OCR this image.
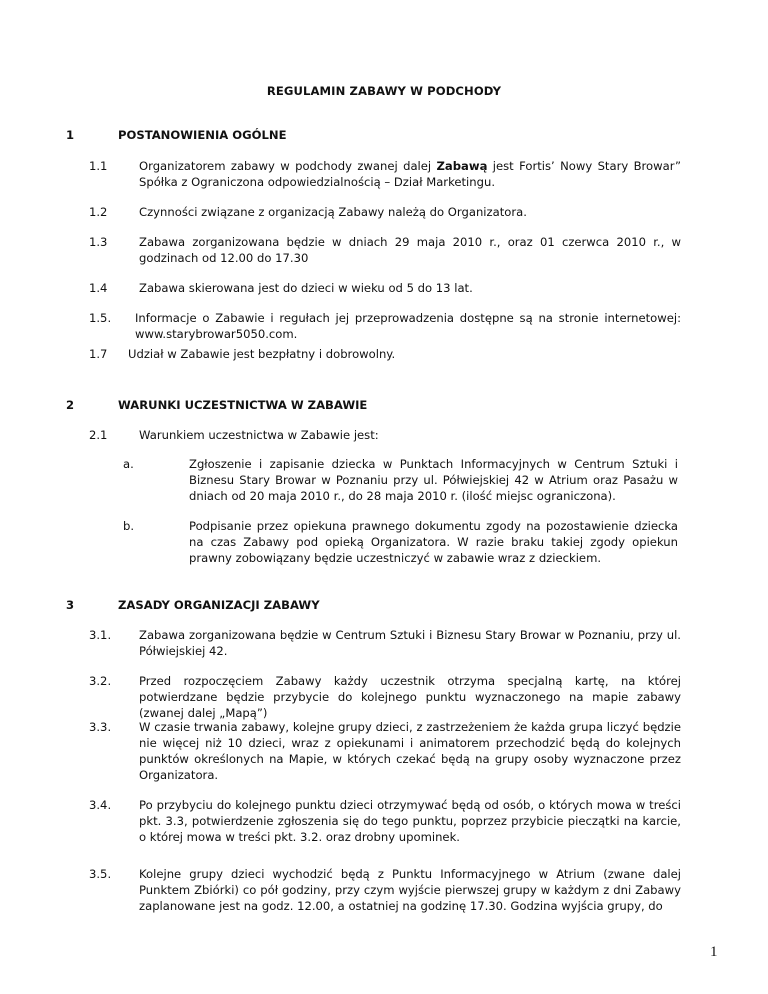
REGULAMIN ZABAWY W PODCHODY
1	POSTANOWIENIA OGÓLNE
1.1	Organizatorem zabawy w podchody zwanej dalej Zabawą jest Fortis’ Nowy Stary Browar” Spółka z Ograniczona odpowiedzialnością – Dział Marketingu.
1.2	Czynności związane z organizacją Zabawy należą do Organizatora.
1.3	Zabawa zorganizowana będzie w dniach 29 maja 2010 r., oraz 01 czerwca 2010 r., w godzinach od 12.00 do 17.30
1.4	Zabawa skierowana jest do dzieci w wieku od 5 do 13 lat.
1.5. Informacje o Zabawie i regułach jej przeprowadzenia dostępne są na stronie internetowej: www.starybrowar5050.com.
1.7 Udział w Zabawie jest bezpłatny i dobrowolny.
2	WARUNKI UCZESTNICTWA W ZABAWIE
2.1	Warunkiem uczestnictwa w Zabawie jest:
a.	Zgłoszenie i zapisanie dziecka w Punktach Informacyjnych w Centrum Sztuki i Biznesu Stary Browar w Poznaniu przy ul. Półwiejskiej 42 w Atrium oraz Pasażu w dniach od 20 maja 2010 r., do 28 maja 2010 r. (ilość miejsc ograniczona).
b.	Podpisanie przez opiekuna prawnego dokumentu zgody na pozostawienie dziecka na czas Zabawy pod opieką Organizatora. W razie braku takiej zgody opiekun prawny zobowiązany będzie uczestniczyć w zabawie wraz z dzieckiem.
3	ZASADY ORGANIZACJI ZABAWY
3.1. Zabawa zorganizowana będzie w Centrum Sztuki i Biznesu Stary Browar w Poznaniu, przy ul. Półwiejskiej 42.
3.2. Przed rozpoczęciem Zabawy każdy uczestnik otrzyma specjalną kartę, na której potwierdzane będzie przybycie do kolejnego punktu wyznaczonego na mapie zabawy (zwanej dalej „Mapą”)
3.3. W czasie trwania zabawy, kolejne grupy dzieci, z zastrzeżeniem że każda grupa liczyć będzie nie więcej niż 10 dzieci, wraz z opiekunami i animatorem przechodzić będą do kolejnych punktów określonych na Mapie, w których czekać będą na grupy osoby wyznaczone przez Organizatora.
3.4. Po przybyciu do kolejnego punktu dzieci otrzymywać będą od osób, o których mowa w treści pkt. 3.3, potwierdzenie zgłoszenia się do tego punktu, poprzez przybicie pieczątki na karcie, o której mowa w treści pkt. 3.2. oraz drobny upominek.
3.5. Kolejne grupy dzieci wychodzić będą z Punktu Informacyjnego w Atrium (zwane dalej Punktem Zbiórki) co pół godziny, przy czym wyjście pierwszej grupy w każdym z dni Zabawy zaplanowane jest na godz. 12.00, a ostatniej na godzinę 17.30. Godzina wyjścia grupy, do
1
